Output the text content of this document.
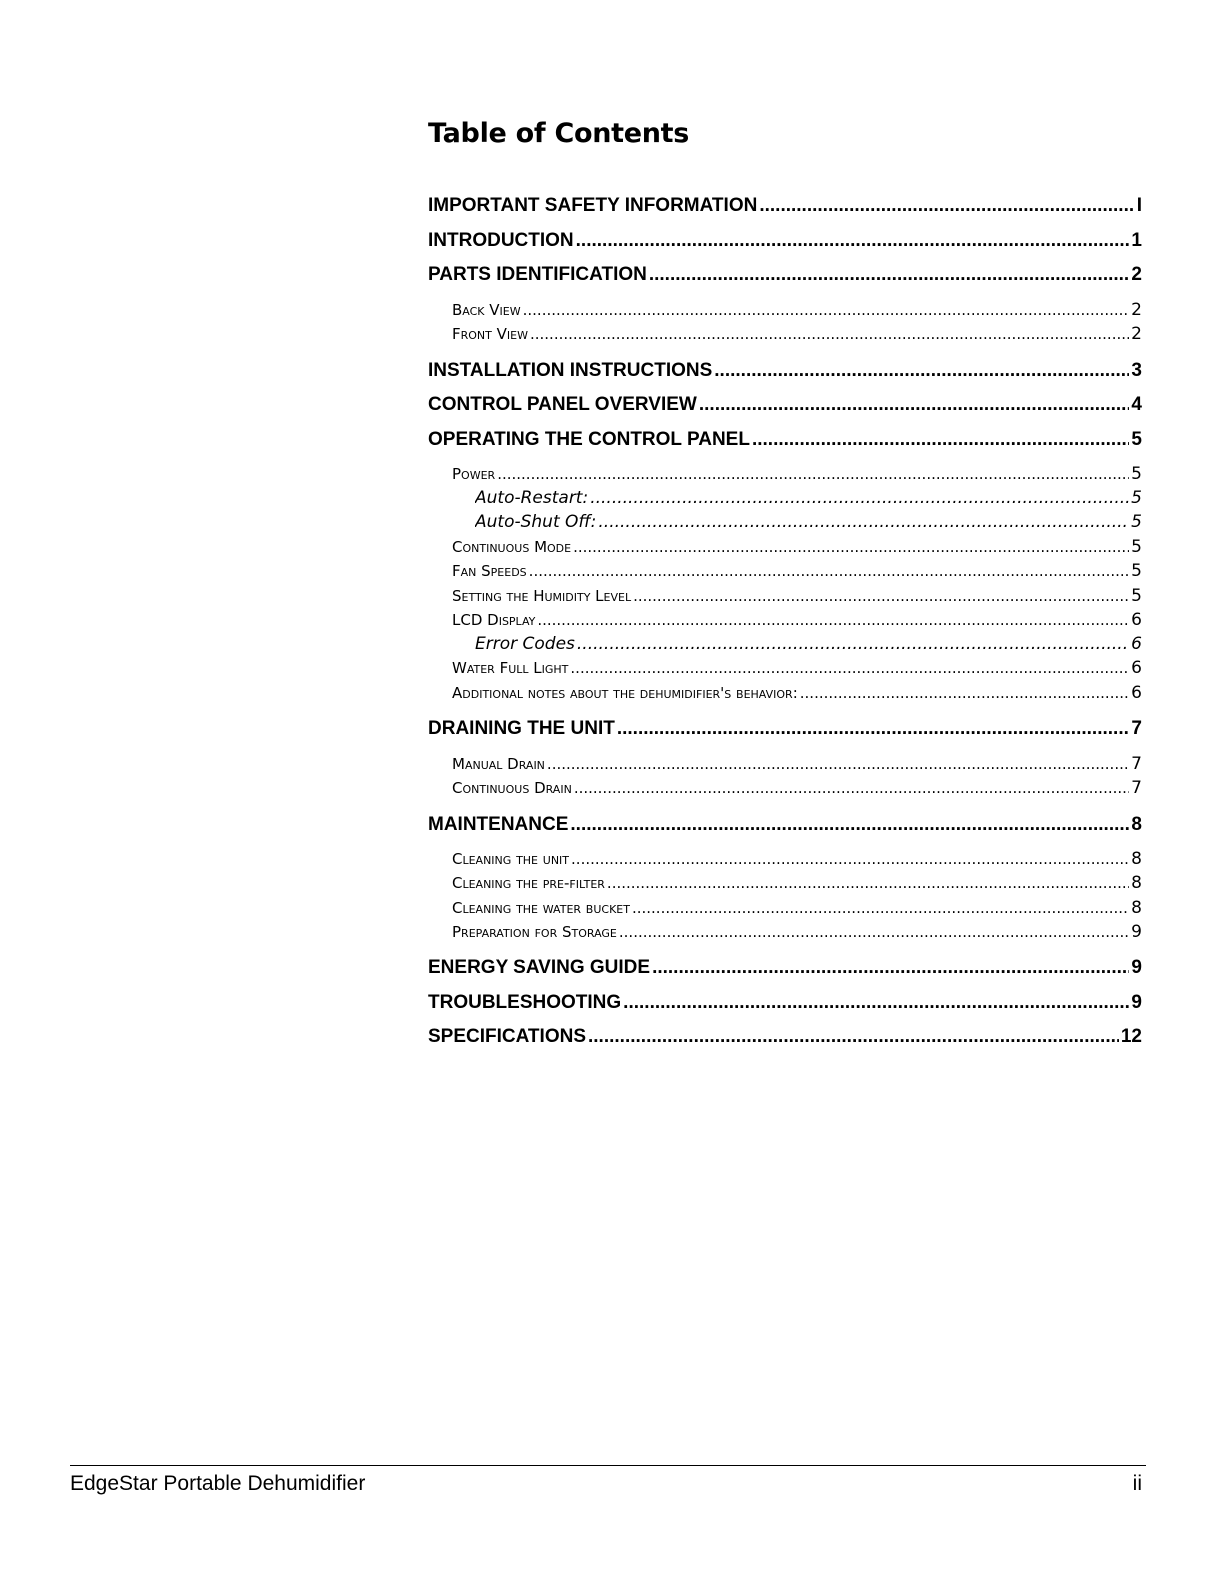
Table of Contents
IMPORTANT SAFETY INFORMATION .....	I
INTRODUCTION .....	1
PARTS IDENTIFICATION .....	2
Back View .....	2
Front View .....	2
INSTALLATION INSTRUCTIONS .....	3
CONTROL PANEL OVERVIEW .....	4
OPERATING THE CONTROL PANEL .....	5
Power .....	5
Auto-Restart: .....	5
Auto-Shut Off: .....	5
Continuous Mode .....	5
Fan Speeds .....	5
Setting the Humidity Level .....	5
LCD Display .....	6
Error Codes .....	6
Water Full Light .....	6
Additional notes about the dehumidifier's behavior: .....	6
DRAINING THE UNIT .....	7
Manual Drain .....	7
Continuous Drain .....	7
MAINTENANCE .....	8
Cleaning the unit .....	8
Cleaning the pre-filter .....	8
Cleaning the water bucket .....	8
Preparation for Storage .....	9
ENERGY SAVING GUIDE .....	9
TROUBLESHOOTING .....	9
SPECIFICATIONS .....	12
EdgeStar Portable Dehumidifier	ii
